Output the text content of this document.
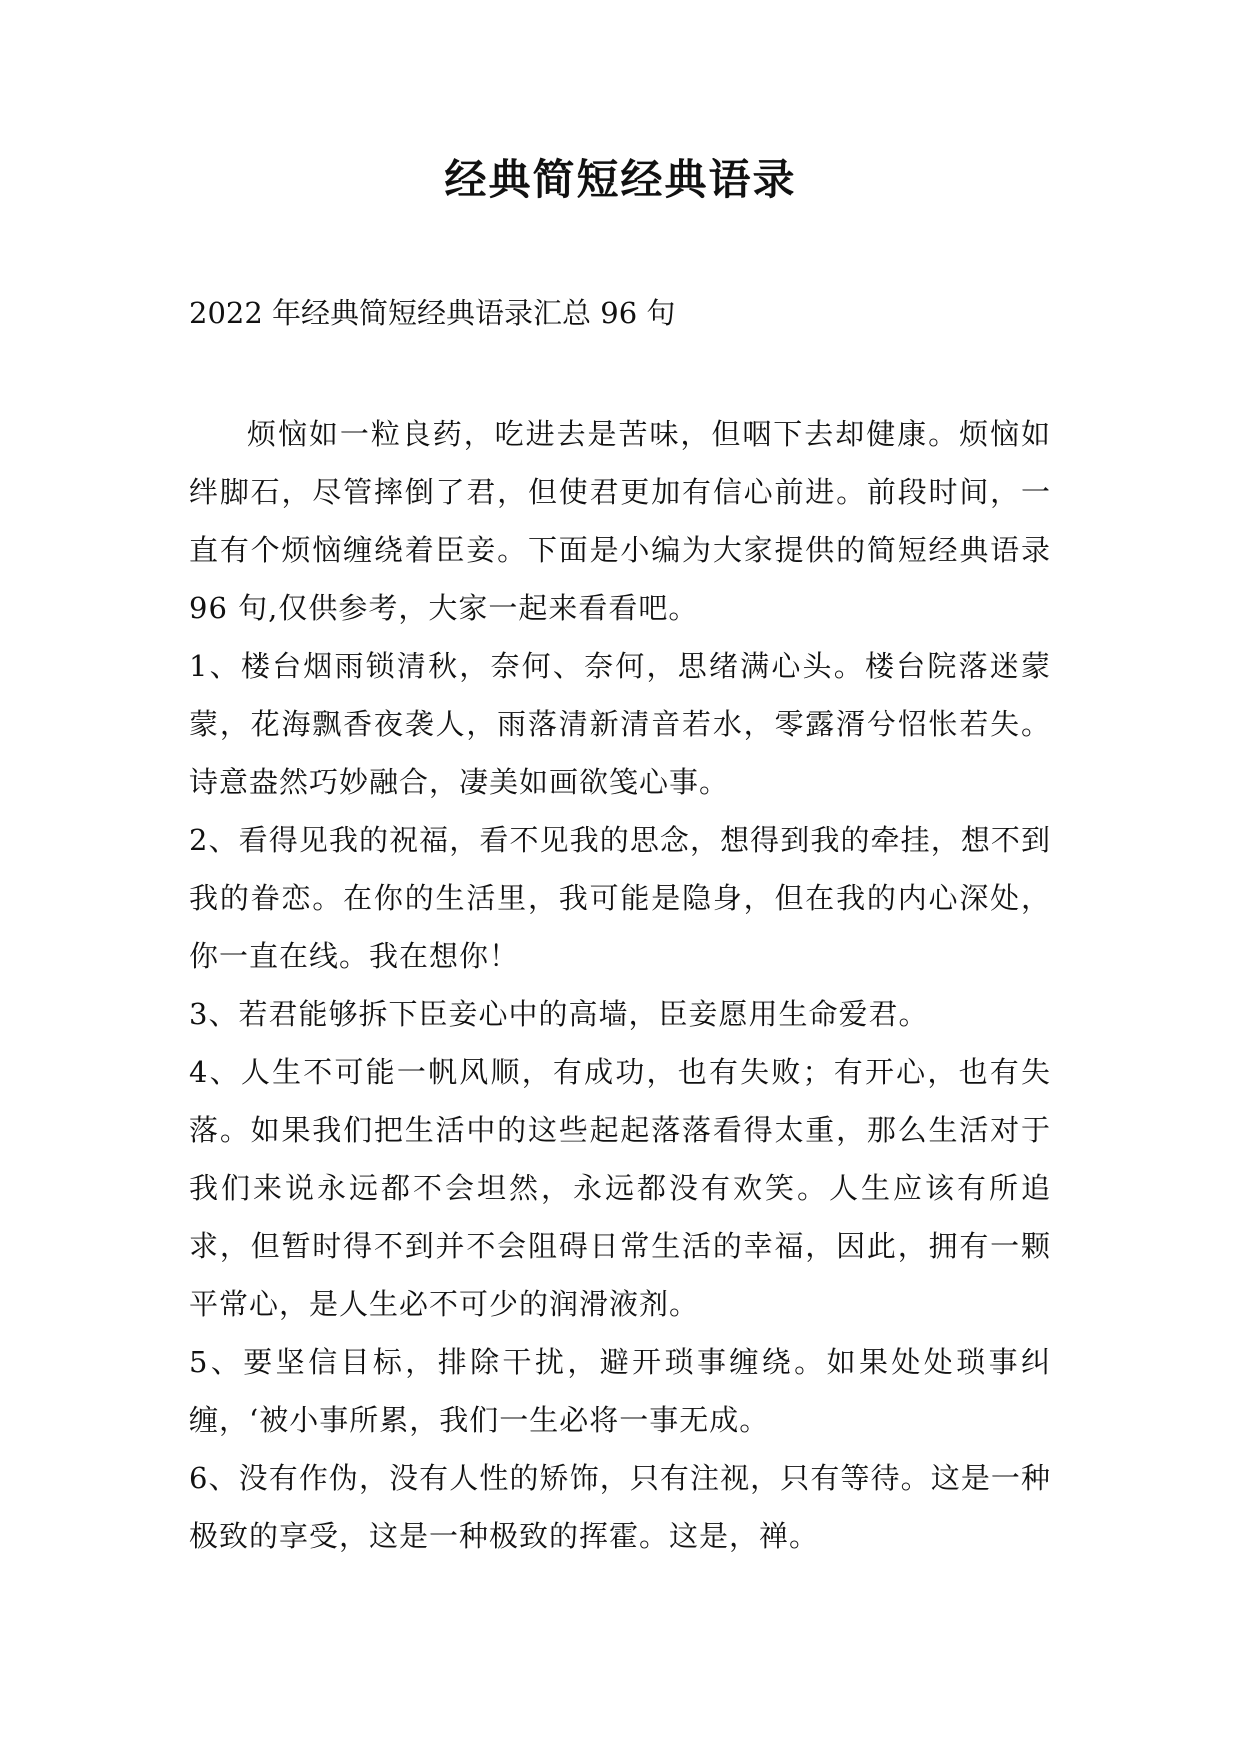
经典简短经典语录

2022 年经典简短经典语录汇总 96 句

烦恼如一粒良药，吃进去是苦味，但咽下去却健康。烦恼如绊脚石，尽管摔倒了君，但使君更加有信心前进。前段时间，一直有个烦恼缠绕着臣妾。下面是小编为大家提供的简短经典语录 96 句,仅供参考，大家一起来看看吧。

1、楼台烟雨锁清秋，奈何、奈何，思绪满心头。楼台院落迷蒙蒙，花海飘香夜袭人，雨落清新清音若水，零露湑兮怊怅若失。诗意盎然巧妙融合，凄美如画欲笺心事。

2、看得见我的祝福，看不见我的思念，想得到我的牵挂，想不到我的眷恋。在你的生活里，我可能是隐身，但在我的内心深处，你一直在线。我在想你！

3、若君能够拆下臣妾心中的高墙，臣妾愿用生命爱君。

4、人生不可能一帆风顺，有成功，也有失败；有开心，也有失落。如果我们把生活中的这些起起落落看得太重，那么生活对于我们来说永远都不会坦然，永远都没有欢笑。人生应该有所追求，但暂时得不到并不会阻碍日常生活的幸福，因此，拥有一颗平常心，是人生必不可少的润滑液剂。

5、要坚信目标，排除干扰，避开琐事缠绕。如果处处琐事纠缠，‘被小事所累，我们一生必将一事无成。

6、没有作伪，没有人性的矫饰，只有注视，只有等待。这是一种极致的享受，这是一种极致的挥霍。这是，禅。
